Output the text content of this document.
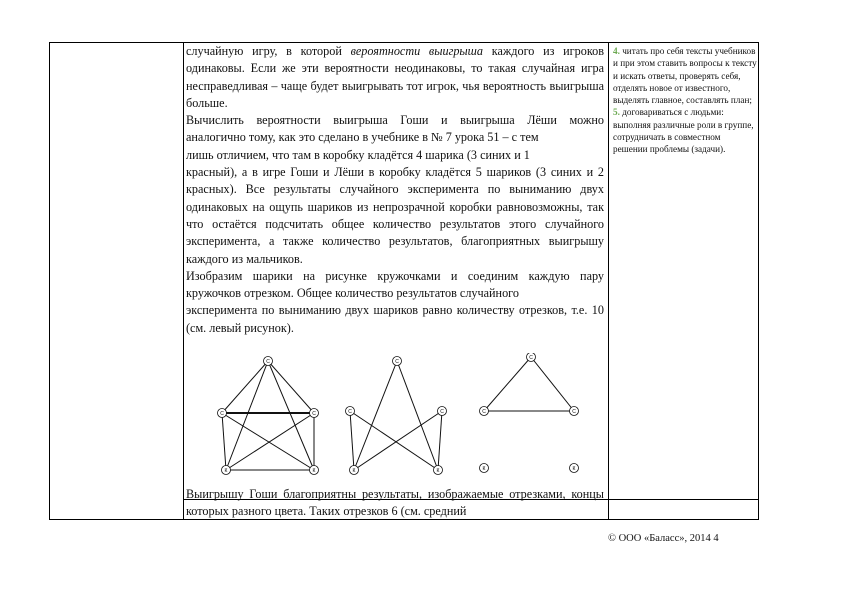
случайную игру, в которой вероятности выигрыша каждого из игроков одинаковы. Если же эти вероятности неодинаковы, то такая случайная игра несправедливая – чаще будет выигрывать тот игрок, чья вероятность выигрыша больше.

Вычислить вероятности выигрыша Гоши и выигрыша Лёши можно

аналогично тому, как это сделано в учебнике в № 7 урока 51 – с тем

лишь отличием, что там в коробку кладётся 4 шарика (3 синих и 1

красный), а в игре Гоши и Лёши в коробку кладётся 5 шариков (3 синих и 2 красных). Все результаты случайного эксперимента по выниманию двух одинаковых на ощупь шариков из непрозрачной коробки равновозможны, так что остаётся подсчитать общее количество результатов этого случайного эксперимента, а также количество результатов, благоприятных выигрышу каждого из мальчиков.

Изобразим шарики на рисунке кружочками и соединим каждую пару

кружочков отрезком. Общее количество результатов случайного

эксперимента по выниманию двух шариков равно количеству отрезков, т.е. 10 (см. левый рисунок).

С
С	С
К	К
С
С	С
К	К
С
С	С
К	К

Выигрышу Гоши благоприятны результаты, изображаемые отрезками, концы которых разного цвета. Таких отрезков 6 (см. средний

4. читать про себя тексты учебников и при этом ставить вопросы к тексту и искать ответы, проверять себя, отделять новое от известного, выделять главное, составлять план;
5. договариваться с людьми: выполняя различные роли в группе, сотрудничать в совместном решении проблемы (задачи).
© ООО «Баласс», 2014 4
